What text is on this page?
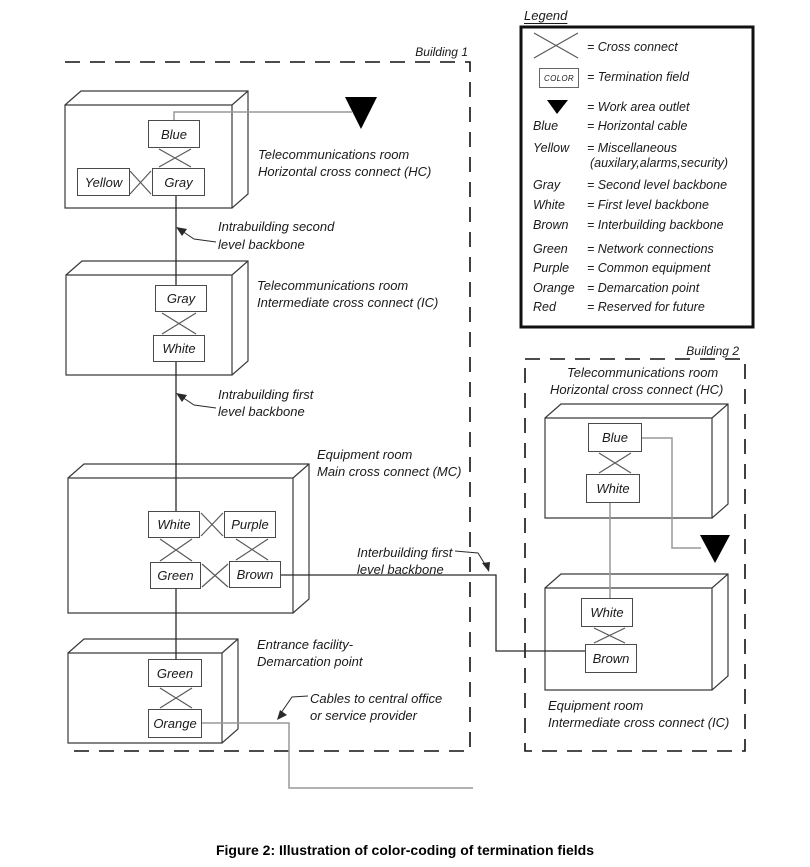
Building 1
Building 2
Telecommunications room
Horizontal cross connect (HC)
Telecommunications room
Intermediate cross connect (IC)
Equipment room
Main cross connect (MC)
Entrance facility-
Demarcation point
Telecommunications room
Horizontal cross connect (HC)
Equipment room
Intermediate cross connect (IC)
Intrabuilding second
level backbone
Intrabuilding first
level backbone
Interbuilding first
level backbone
Cables to central office
or service provider
Blue
Yellow	Gray
Gray
White
White	Purple
Green	Brown
Green
Orange
Blue
White
White
Brown
Legend
COLOR
= Cross connect
= Termination field
= Work area outlet
Blue = Horizontal cable
Yellow = Miscellaneous
(auxilary,alarms,security)
Gray = Second level backbone
White = First level backbone
Brown = Interbuilding backbone
Green = Network connections
Purple = Common equipment
Orange = Demarcation point
Red = Reserved for future
Figure 2: Illustration of color-coding of termination fields
